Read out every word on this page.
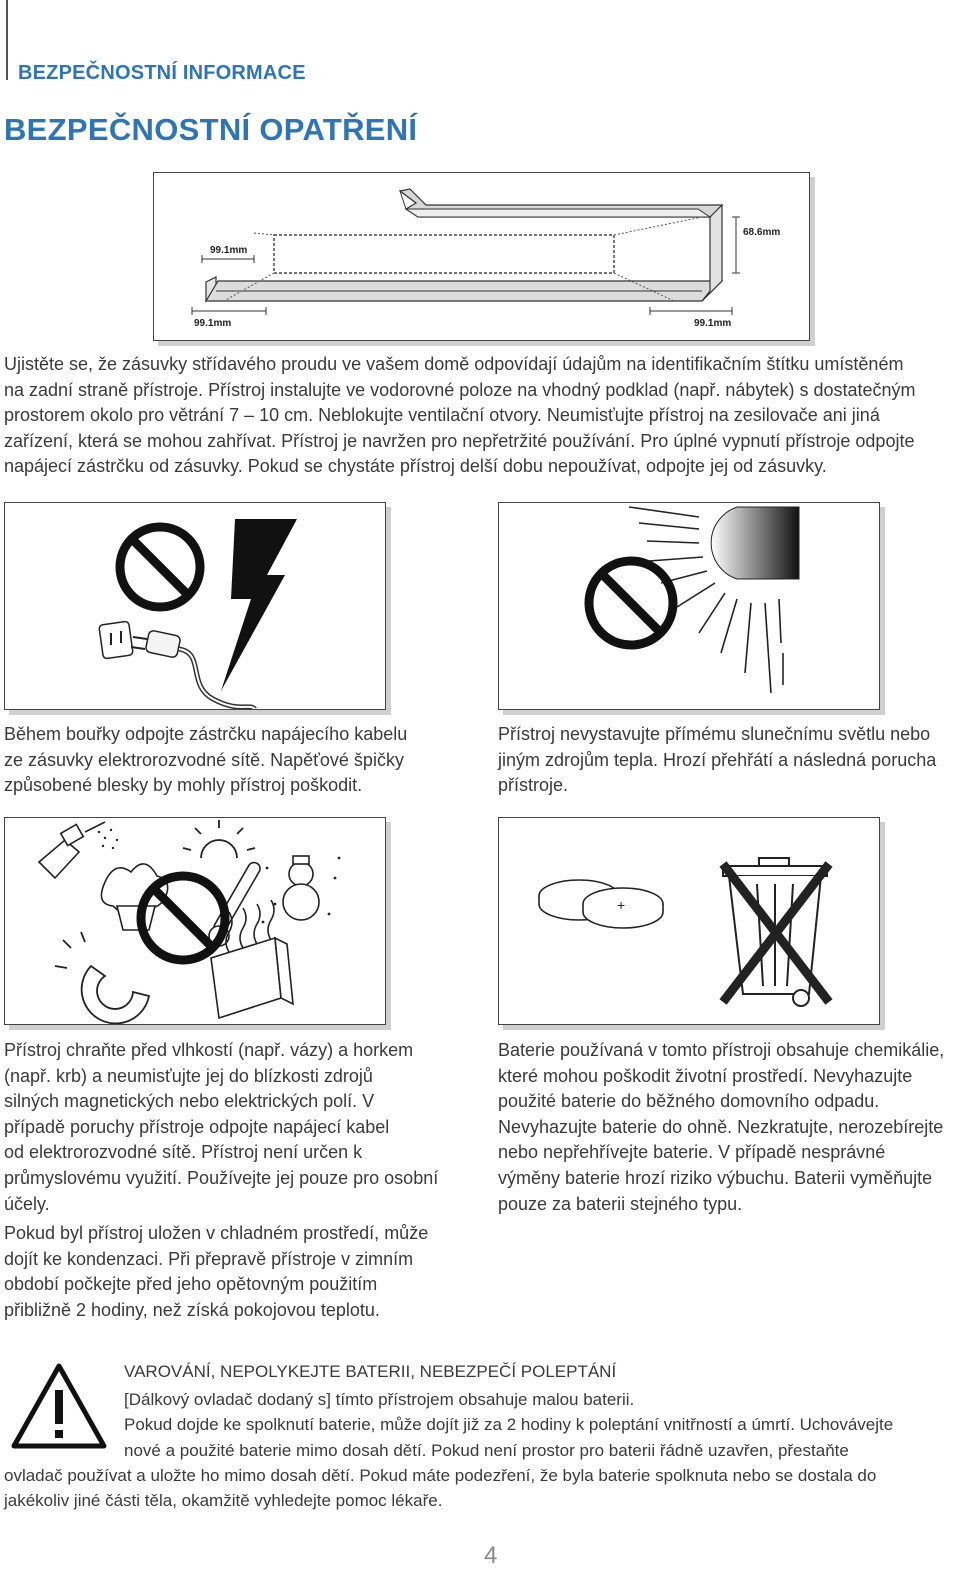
BEZPEČNOSTNÍ INFORMACE
BEZPEČNOSTNÍ OPATŘENÍ
99.1mm
68.6mm
99.1mm	99.1mm
Ujistěte se, že zásuvky střídavého proudu ve vašem domě odpovídají údajům na identifikačním štítku umístěném
na zadní straně přístroje. Přístroj instalujte ve vodorovné poloze na vhodný podklad (např. nábytek) s dostatečným
prostorem okolo pro větrání 7 – 10 cm. Neblokujte ventilační otvory. Neumisťujte přístroj na zesilovače ani jiná
zařízení, která se mohou zahřívat. Přístroj je navržen pro nepřetržité používání. Pro úplné vypnutí přístroje odpojte
napájecí zástrčku od zásuvky. Pokud se chystáte přístroj delší dobu nepoužívat, odpojte jej od zásuvky.
Během bouřky odpojte zástrčku napájecího kabelu
ze zásuvky elektrorozvodné sítě. Napěťové špičky
způsobené blesky by mohly přístroj poškodit.
Přístroj nevystavujte přímému slunečnímu světlu nebo
jiným zdrojům tepla. Hrozí přehřátí a následná porucha
přístroje.
Přístroj chraňte před vlhkostí (např. vázy) a horkem
(např. krb) a neumisťujte jej do blízkosti zdrojů
silných magnetických nebo elektrických polí. V
případě poruchy přístroje odpojte napájecí kabel
od elektrorozvodné sítě. Přístroj není určen k
průmyslovému využití. Používejte jej pouze pro osobní
účely.
Pokud byl přístroj uložen v chladném prostředí, může
dojít ke kondenzaci. Při přepravě přístroje v zimním
období počkejte před jeho opětovným použitím
přibližně 2 hodiny, než získá pokojovou teplotu.
+
Baterie používaná v tomto přístroji obsahuje chemikálie,
které mohou poškodit životní prostředí. Nevyhazujte
použité baterie do běžného domovního odpadu.
Nevyhazujte baterie do ohně. Nezkratujte, nerozebírejte
nebo nepřehřívejte baterie. V případě nesprávné
výměny baterie hrozí riziko výbuchu. Baterii vyměňujte
pouze za baterii stejného typu.
VAROVÁNÍ, NEPOLYKEJTE BATERII, NEBEZPEČÍ POLEPTÁNÍ
[Dálkový ovladač dodaný s] tímto přístrojem obsahuje malou baterii.
Pokud dojde ke spolknutí baterie, může dojít již za 2 hodiny k poleptání vnitřností a úmrtí. Uchovávejte
nové a použité baterie mimo dosah dětí. Pokud není prostor pro baterii řádně uzavřen, přestaňte
ovladač používat a uložte ho mimo dosah dětí. Pokud máte podezření, že byla baterie spolknuta nebo se dostala do
jakékoliv jiné části těla, okamžitě vyhledejte pomoc lékaře.
4
